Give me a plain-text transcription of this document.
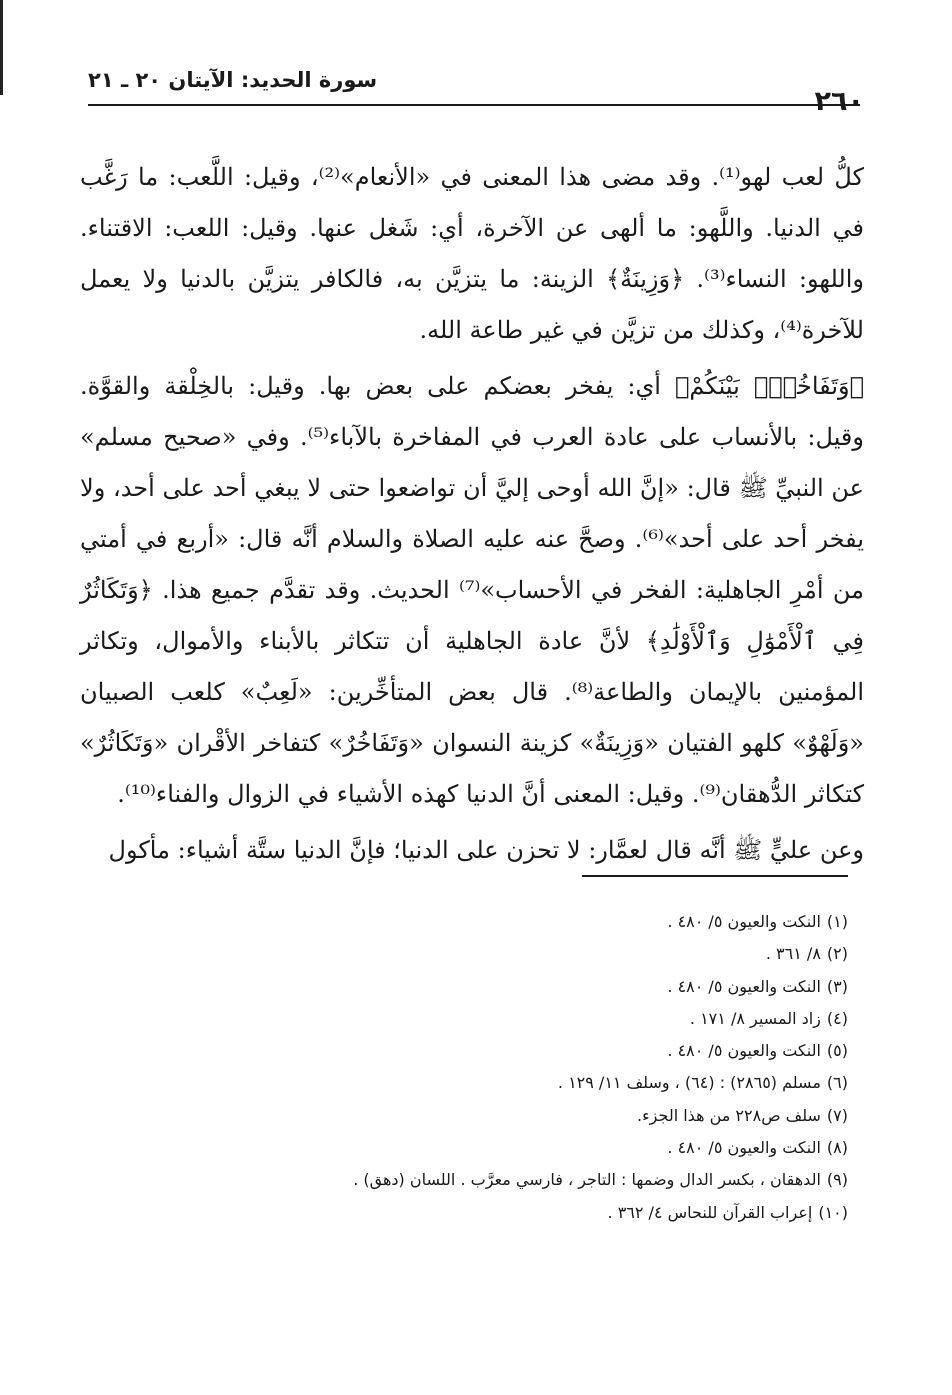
سورة الحديد: الآيتان ٢٠ ـ ٢١
٢٦٠

كلُّ لعب لهو⁽¹⁾. وقد مضى هذا المعنى في «الأنعام»⁽²⁾، وقيل: اللَّعب: ما رَغَّب في الدنيا. واللَّهو: ما ألهى عن الآخرة، أي: شَغل عنها. وقيل: اللعب: الاقتناء. واللهو: النساء⁽³⁾. ﴿وَزِينَةٌ﴾ الزينة: ما يتزيَّن به، فالكافر يتزيَّن بالدنيا ولا يعمل للآخرة⁽⁴⁾، وكذلك من تزيَّن في غير طاعة الله.

﴿وَتَفَاخُرُۢ بَيْنَكُمْ﴾ أي: يفخر بعضكم على بعض بها. وقيل: بالخِلْقة والقوَّة. وقيل: بالأنساب على عادة العرب في المفاخرة بالآباء⁽⁵⁾. وفي «صحيح مسلم» عن النبيِّ ﷺ قال: «إنَّ الله أوحى إليَّ أن تواضعوا حتى لا يبغي أحد على أحد، ولا يفخر أحد على أحد»⁽⁶⁾. وصحَّ عنه عليه الصلاة والسلام أنَّه قال: «أربع في أمتي من أمْرِ الجاهلية: الفخر في الأحساب»⁽⁷⁾ الحديث. وقد تقدَّم جميع هذا. ﴿وَتَكَاثُرٌ فِي ٱلْأَمْوَٰلِ وَٱلْأَوْلَٰدِ﴾ لأنَّ عادة الجاهلية أن تتكاثر بالأبناء والأموال، وتكاثر المؤمنين بالإيمان والطاعة⁽⁸⁾. قال بعض المتأخِّرين: «لَعِبٌ» كلعب الصبيان «وَلَهْوٌ» كلهو الفتيان «وَزِينَةٌ» كزينة النسوان «وَتَفَاخُرٌ» كتفاخر الأقْران «وَتَكَاثُرٌ» كتكاثر الدُّهقان⁽⁹⁾. وقيل: المعنى أنَّ الدنيا كهذه الأشياء في الزوال والفناء⁽¹⁰⁾.

وعن عليٍّ ﷺ أنَّه قال لعمَّار: لا تحزن على الدنيا؛ فإنَّ الدنيا ستَّة أشياء: مأكول

(١)النكت والعيون ٥/ ٤٨٠ .
(٢)٨/ ٣٦١ .
(٣)النكت والعيون ٥/ ٤٨٠ .
(٤)زاد المسير ٨/ ١٧١ .
(٥)النكت والعيون ٥/ ٤٨٠ .
(٦)مسلم (٢٨٦٥) : (٦٤) ، وسلف ١١/ ١٢٩ .
(٧)سلف ص٢٢٨ من هذا الجزء.
(٨)النكت والعيون ٥/ ٤٨٠ .
(٩)الدهقان ، بكسر الدال وضمها : التاجر ، فارسي معرَّب . اللسان (دهق) .
(١٠)إعراب القرآن للنحاس ٤/ ٣٦٢ .
